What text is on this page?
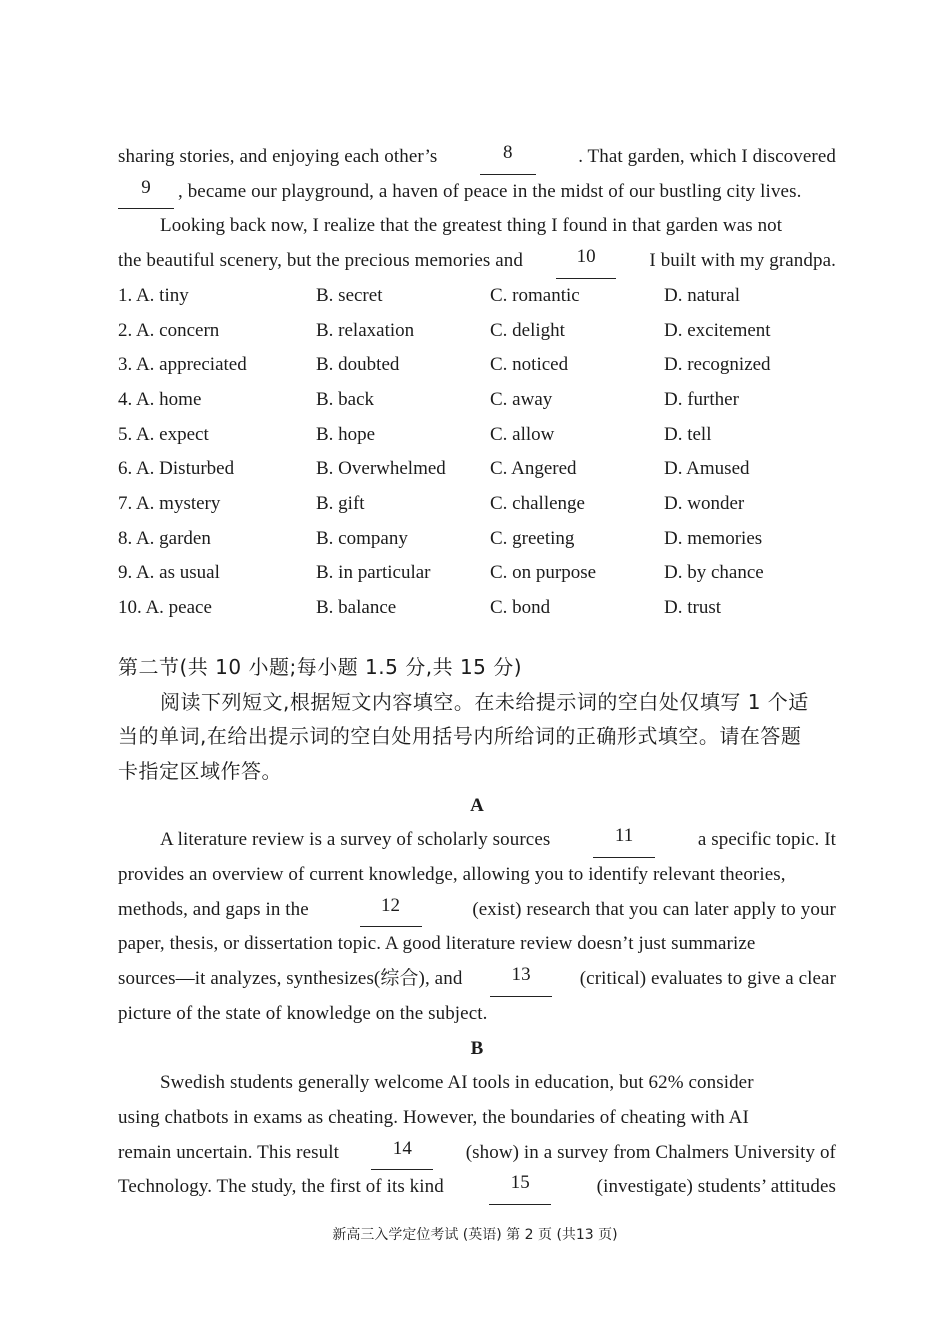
sharing stories, and enjoying each other’s	8	. That garden, which I discovered
9	, became our playground, a haven of peace in the midst of our bustling city lives.
Looking back now, I realize that the greatest thing I found in that garden was not
the beautiful scenery, but the precious memories and	10	I built with my grandpa.
1. A. tiny	B. secret	C. romantic	D. natural
2. A. concern	B. relaxation	C. delight	D. excitement
3. A. appreciated	B. doubted	C. noticed	D. recognized
4. A. home	B. back	C. away	D. further
5. A. expect	B. hope	C. allow	D. tell
6. A. Disturbed	B. Overwhelmed	C. Angered	D. Amused
7. A. mystery	B. gift	C. challenge	D. wonder
8. A. garden	B. company	C. greeting	D. memories
9. A. as usual	B. in particular	C. on purpose	D. by chance
10. A. peace	B. balance	C. bond	D. trust
第二节(共 10 小题;每小题 1.5 分,共 15 分)
阅读下列短文,根据短文内容填空。在未给提示词的空白处仅填写 1 个适
当的单词,在给出提示词的空白处用括号内所给词的正确形式填空。请在答题
卡指定区域作答。
A
A literature review is a survey of scholarly sources	11	a specific topic. It
provides an overview of current knowledge, allowing you to identify relevant theories,
methods, and gaps in the	12	(exist) research that you can later apply to your
paper, thesis, or dissertation topic. A good literature review doesn’t just summarize
sources—it analyzes, synthesizes(综合), and	13	(critical) evaluates to give a clear
picture of the state of knowledge on the subject.
B
Swedish students generally welcome AI tools in education, but 62% consider
using chatbots in exams as cheating. However, the boundaries of cheating with AI
remain uncertain. This result	14	(show) in a survey from Chalmers University of
Technology. The study, the first of its kind	15	(investigate) students’ attitudes
新高三入学定位考试 (英语) 第 2 页 (共13 页)
